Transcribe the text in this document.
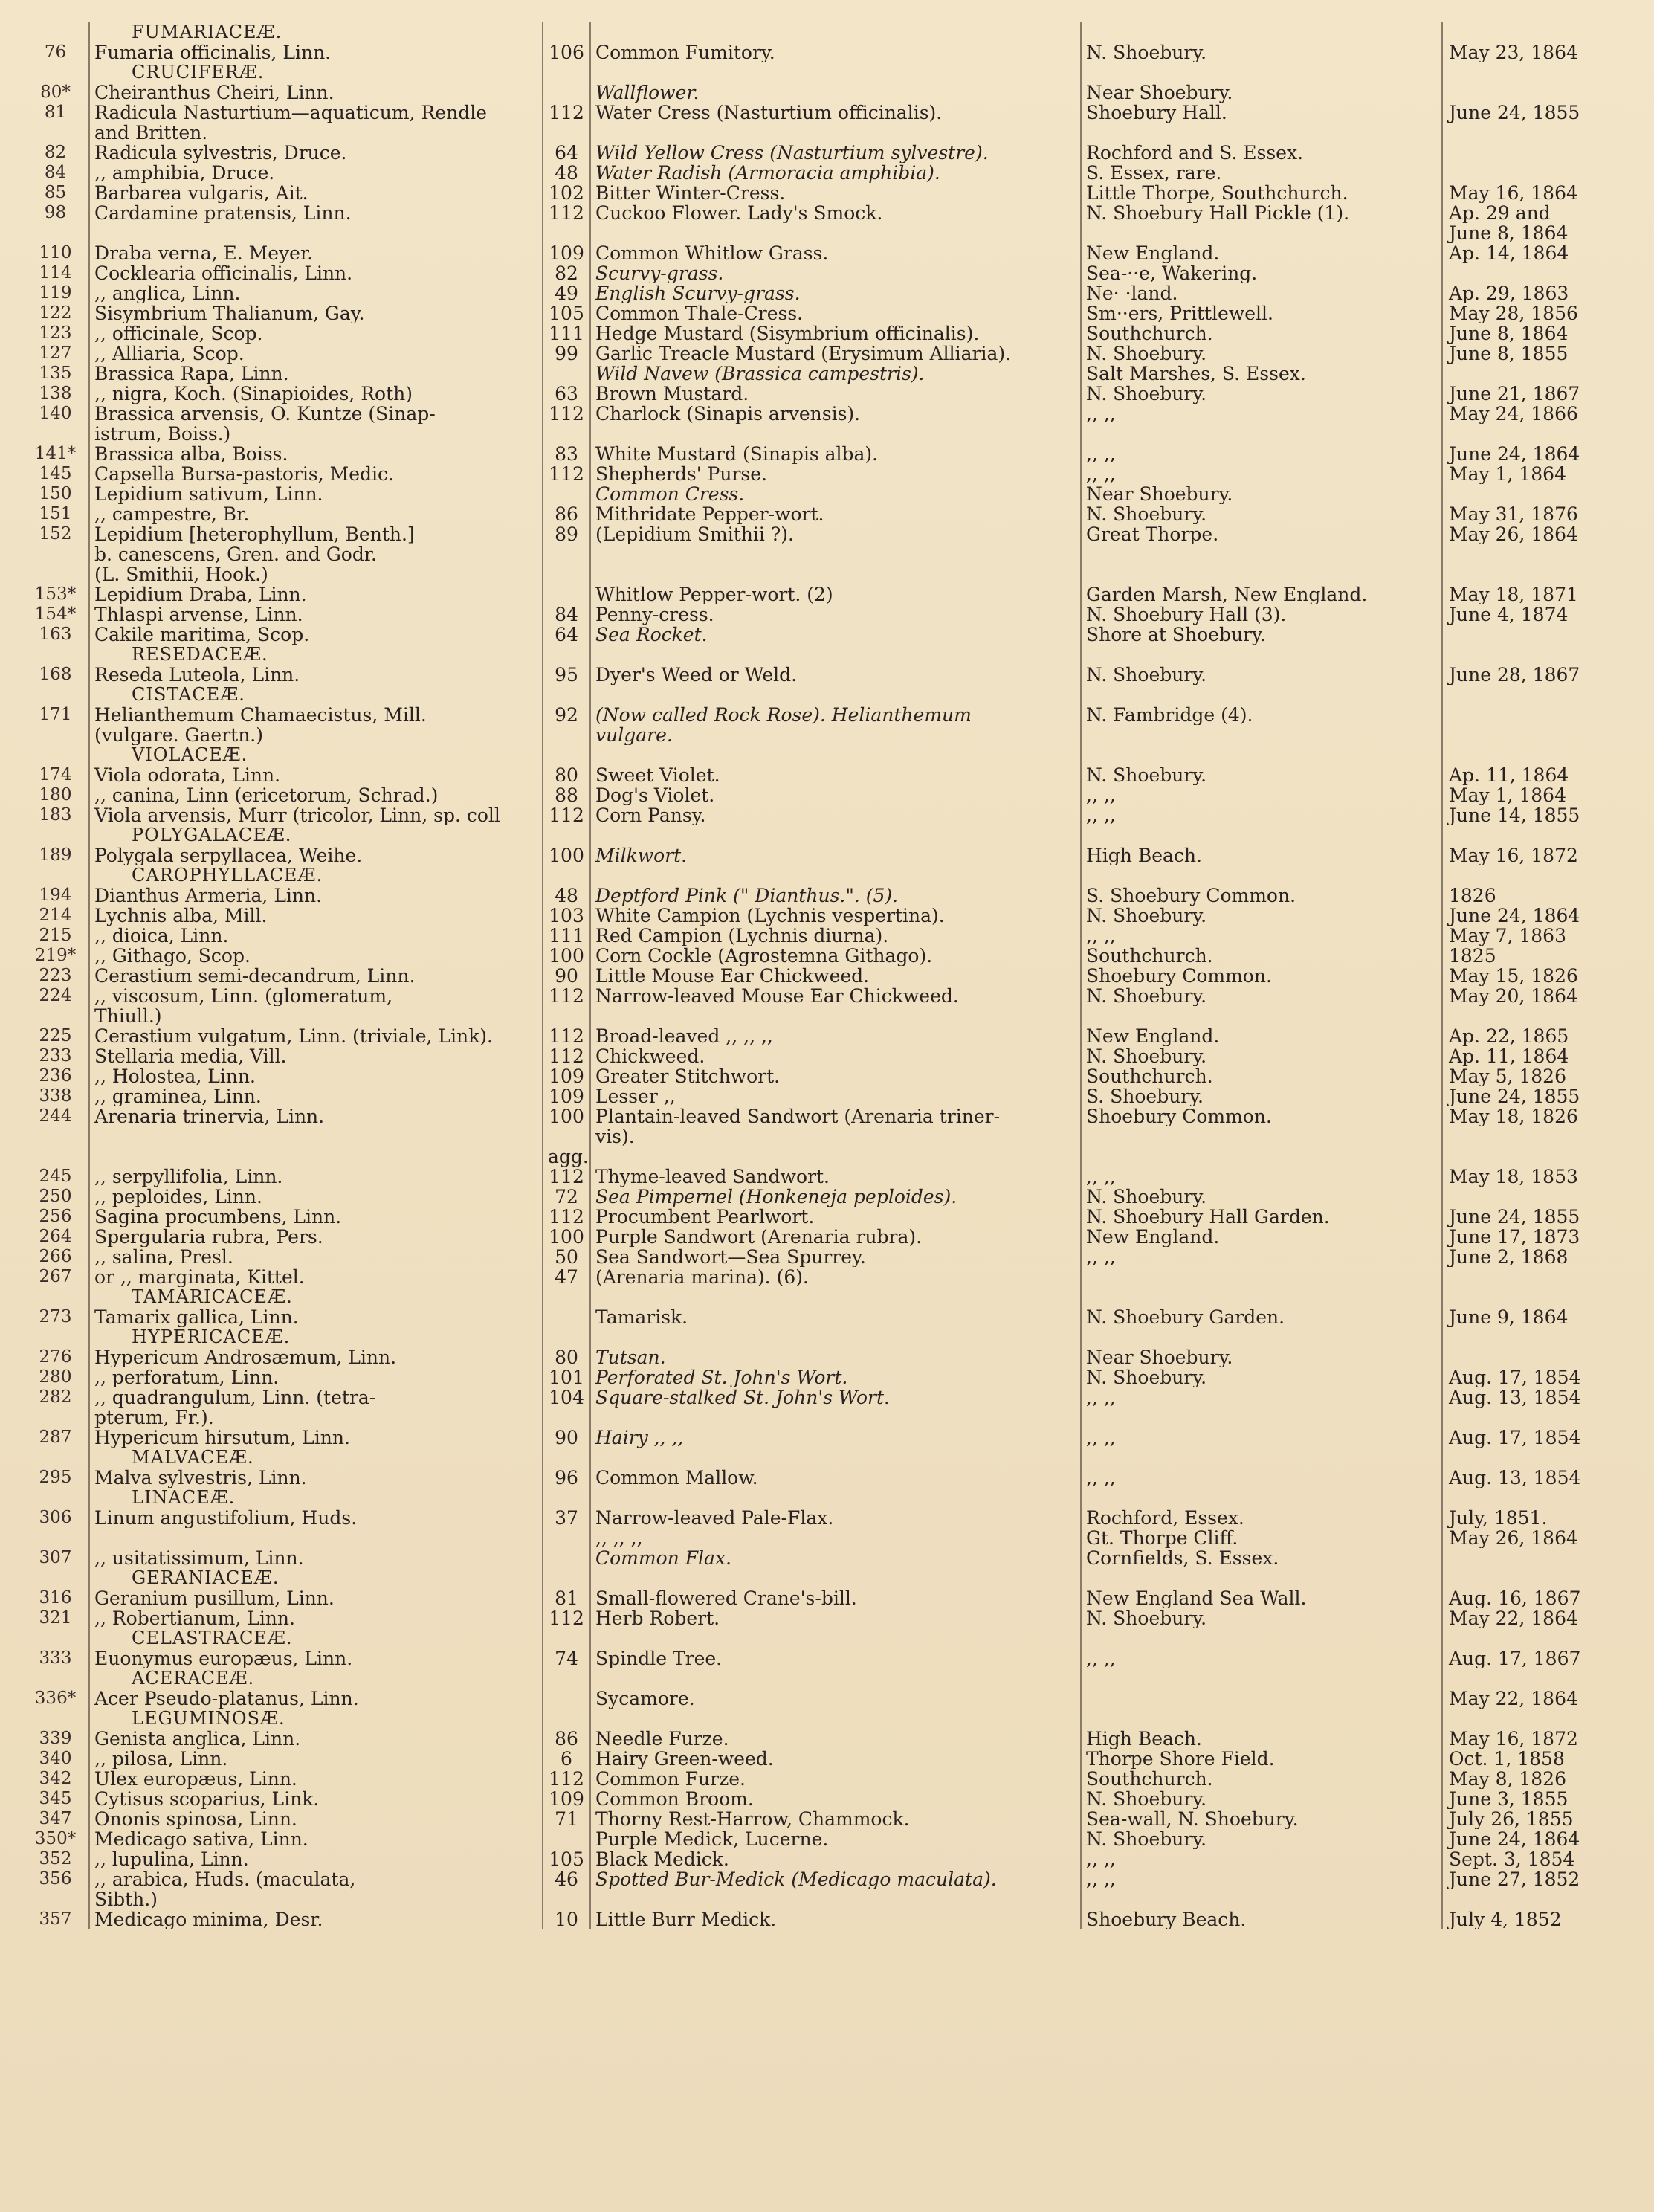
	FUMARIACEÆ.				
76	Fumaria officinalis, Linn.	106	Common Fumitory.	N. Shoebury.	May 23, 1864
	CRUCIFERÆ.				
80*	Cheiranthus Cheiri, Linn.		Wallflower.	Near Shoebury.	
81	Radicula Nasturtium—aquaticum, Rendle	112	Water Cress (Nasturtium officinalis).	Shoebury Hall.	June 24, 1855
	and Britten.				
82	Radicula sylvestris, Druce.	64	Wild Yellow Cress (Nasturtium sylvestre).	Rochford and S. Essex.	
84	,, amphibia, Druce.	48	Water Radish (Armoracia amphibia).	S. Essex, rare.	
85	Barbarea vulgaris, Ait.	102	Bitter Winter-Cress.	Little Thorpe, Southchurch.	May 16, 1864
98	Cardamine pratensis, Linn.	112	Cuckoo Flower. Lady's Smock.	N. Shoebury Hall Pickle (1).	Ap. 29 and
					June 8, 1864
110	Draba verna, E. Meyer.	109	Common Whitlow Grass.	New England.	Ap. 14, 1864
114	Cocklearia officinalis, Linn.	82	Scurvy-grass.	Sea-··e, Wakering.	
119	,, anglica, Linn.	49	English Scurvy-grass.	Ne· ·land.	Ap. 29, 1863
122	Sisymbrium Thalianum, Gay.	105	Common Thale-Cress.	Sm··ers, Prittlewell.	May 28, 1856
123	,, officinale, Scop.	111	Hedge Mustard (Sisymbrium officinalis).	Southchurch.	June 8, 1864
127	,, Alliaria, Scop.	99	Garlic Treacle Mustard (Erysimum Alliaria).	N. Shoebury.	June 8, 1855
135	Brassica Rapa, Linn.		Wild Navew (Brassica campestris).	Salt Marshes, S. Essex.	
138	,, nigra, Koch. (Sinapioides, Roth)	63	Brown Mustard.	N. Shoebury.	June 21, 1867
140	Brassica arvensis, O. Kuntze (Sinap-	112	Charlock (Sinapis arvensis).	,, ,,	May 24, 1866
	istrum, Boiss.)				
141*	Brassica alba, Boiss.	83	White Mustard (Sinapis alba).	,, ,,	June 24, 1864
145	Capsella Bursa-pastoris, Medic.	112	Shepherds' Purse.	,, ,,	May 1, 1864
150	Lepidium sativum, Linn.		Common Cress.	Near Shoebury.	
151	,, campestre, Br.	86	Mithridate Pepper-wort.	N. Shoebury.	May 31, 1876
152	Lepidium [heterophyllum, Benth.]	89	(Lepidium Smithii ?).	Great Thorpe.	May 26, 1864
	b. canescens, Gren. and Godr.				
	(L. Smithii, Hook.)				
153*	Lepidium Draba, Linn.		Whitlow Pepper-wort. (2)	Garden Marsh, New England.	May 18, 1871
154*	Thlaspi arvense, Linn.	84	Penny-cress.	N. Shoebury Hall (3).	June 4, 1874
163	Cakile maritima, Scop.	64	Sea Rocket.	Shore at Shoebury.	
	RESEDACEÆ.				
168	Reseda Luteola, Linn.	95	Dyer's Weed or Weld.	N. Shoebury.	June 28, 1867
	CISTACEÆ.				
171	Helianthemum Chamaecistus, Mill.	92	(Now called Rock Rose). Helianthemum	N. Fambridge (4).	
	(vulgare. Gaertn.)		vulgare.		
	VIOLACEÆ.				
174	Viola odorata, Linn.	80	Sweet Violet.	N. Shoebury.	Ap. 11, 1864
180	,, canina, Linn (ericetorum, Schrad.)	88	Dog's Violet.	,, ,,	May 1, 1864
183	Viola arvensis, Murr (tricolor, Linn, sp. coll	112	Corn Pansy.	,, ,,	June 14, 1855
	POLYGALACEÆ.				
189	Polygala serpyllacea, Weihe.	100	Milkwort.	High Beach.	May 16, 1872
	CAROPHYLLACEÆ.				
194	Dianthus Armeria, Linn.	48	Deptford Pink (" Dianthus.". (5).	S. Shoebury Common.	1826
214	Lychnis alba, Mill.	103	White Campion (Lychnis vespertina).	N. Shoebury.	June 24, 1864
215	,, dioica, Linn.	111	Red Campion (Lychnis diurna).	,, ,,	May 7, 1863
219*	,, Githago, Scop.	100	Corn Cockle (Agrostemna Githago).	Southchurch.	1825
223	Cerastium semi-decandrum, Linn.	90	Little Mouse Ear Chickweed.	Shoebury Common.	May 15, 1826
224	,, viscosum, Linn. (glomeratum,	112	Narrow-leaved Mouse Ear Chickweed.	N. Shoebury.	May 20, 1864
	Thiull.)				
225	Cerastium vulgatum, Linn. (triviale, Link).	112	Broad-leaved ,, ,, ,,	New England.	Ap. 22, 1865
233	Stellaria media, Vill.	112	Chickweed.	N. Shoebury.	Ap. 11, 1864
236	,, Holostea, Linn.	109	Greater Stitchwort.	Southchurch.	May 5, 1826
338	,, graminea, Linn.	109	Lesser ,,	S. Shoebury.	June 24, 1855
244	Arenaria trinervia, Linn.	100	Plantain-leaved Sandwort (Arenaria triner-	Shoebury Common.	May 18, 1826
			vis).		
		agg.			
245	,, serpyllifolia, Linn.	112	Thyme-leaved Sandwort.	,, ,,	May 18, 1853
250	,, peploides, Linn.	72	Sea Pimpernel (Honkeneja peploides).	N. Shoebury.	
256	Sagina procumbens, Linn.	112	Procumbent Pearlwort.	N. Shoebury Hall Garden.	June 24, 1855
264	Spergularia rubra, Pers.	100	Purple Sandwort (Arenaria rubra).	New England.	June 17, 1873
266	,, salina, Presl.	50	Sea Sandwort—Sea Spurrey.	,, ,,	June 2, 1868
267	or ,, marginata, Kittel.	47	(Arenaria marina). (6).		
	TAMARICACEÆ.				
273	Tamarix gallica, Linn.		Tamarisk.	N. Shoebury Garden.	June 9, 1864
	HYPERICACEÆ.				
276	Hypericum Androsæmum, Linn.	80	Tutsan.	Near Shoebury.	
280	,, perforatum, Linn.	101	Perforated St. John's Wort.	N. Shoebury.	Aug. 17, 1854
282	,, quadrangulum, Linn. (tetra-	104	Square-stalked St. John's Wort.	,, ,,	Aug. 13, 1854
	pterum, Fr.).				
287	Hypericum hirsutum, Linn.	90	Hairy ,, ,,	,, ,,	Aug. 17, 1854
	MALVACEÆ.				
295	Malva sylvestris, Linn.	96	Common Mallow.	,, ,,	Aug. 13, 1854
	LINACEÆ.				
306	Linum angustifolium, Huds.	37	Narrow-leaved Pale-Flax.	Rochford, Essex.	July, 1851.
			,, ,, ,,	Gt. Thorpe Cliff.	May 26, 1864
307	,, usitatissimum, Linn.		Common Flax.	Cornfields, S. Essex.	
	GERANIACEÆ.				
316	Geranium pusillum, Linn.	81	Small-flowered Crane's-bill.	New England Sea Wall.	Aug. 16, 1867
321	,, Robertianum, Linn.	112	Herb Robert.	N. Shoebury.	May 22, 1864
	CELASTRACEÆ.				
333	Euonymus europæus, Linn.	74	Spindle Tree.	,, ,,	Aug. 17, 1867
	ACERACEÆ.				
336*	Acer Pseudo-platanus, Linn.		Sycamore.		May 22, 1864
	LEGUMINOSÆ.				
339	Genista anglica, Linn.	86	Needle Furze.	High Beach.	May 16, 1872
340	,, pilosa, Linn.	6	Hairy Green-weed.	Thorpe Shore Field.	Oct. 1, 1858
342	Ulex europæus, Linn.	112	Common Furze.	Southchurch.	May 8, 1826
345	Cytisus scoparius, Link.	109	Common Broom.	N. Shoebury.	June 3, 1855
347	Ononis spinosa, Linn.	71	Thorny Rest-Harrow, Chammock.	Sea-wall, N. Shoebury.	July 26, 1855
350*	Medicago sativa, Linn.		Purple Medick, Lucerne.	N. Shoebury.	June 24, 1864
352	,, lupulina, Linn.	105	Black Medick.	,, ,,	Sept. 3, 1854
356	,, arabica, Huds. (maculata,	46	Spotted Bur-Medick (Medicago maculata).	,, ,,	June 27, 1852
	Sibth.)				
357	Medicago minima, Desr.	10	Little Burr Medick.	Shoebury Beach.	July 4, 1852
